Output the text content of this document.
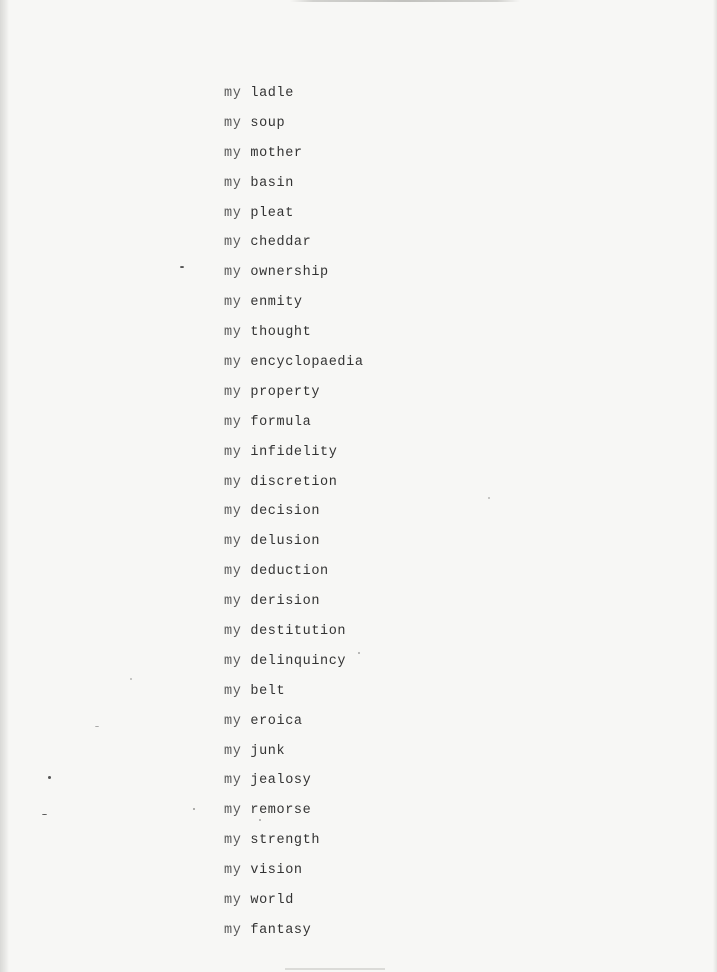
my ladle
my soup
my mother
my basin
my pleat
my cheddar
my ownership
my enmity
my thought
my encyclopaedia
my property
my formula
my infidelity
my discretion
my decision
my delusion
my deduction
my derision
my destitution
my delinquincy
my belt
my eroica
my junk
my jealosy
my remorse
my strength
my vision
my world
my fantasy
